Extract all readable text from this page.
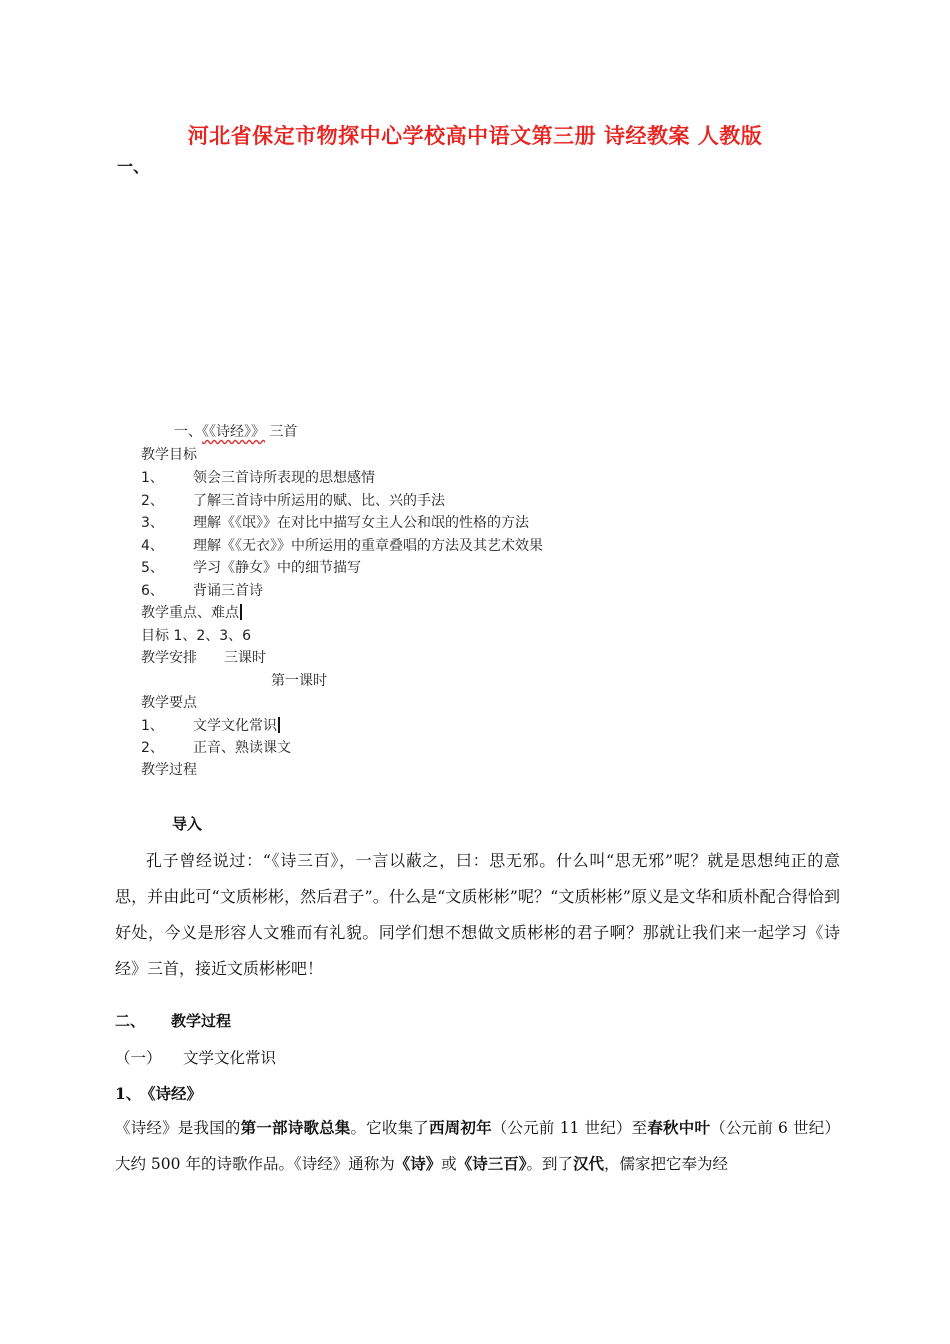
河北省保定市物探中心学校高中语文第三册 诗经教案 人教版
一、
一、《《诗经》》 三首
教学目标
1、 领会三首诗所表现的思想感情
2、 了解三首诗中所运用的赋、比、兴的手法
3、 理解《《氓》》在对比中描写女主人公和氓的性格的方法
4、 理解《《无衣》》中所运用的重章叠唱的方法及其艺术效果
5、 学习《静女》中的细节描写
6、 背诵三首诗
教学重点、难点
目标 1、2、3、6
教学安排 三课时
第一课时
教学要点
1、 文学文化常识
2、 正音、熟读课文
教学过程
导入
孔子曾经说过：“《诗三百》，一言以蔽之，曰：思无邪。什么叫“思无邪”呢？就是思想纯正的意思，并由此可“文质彬彬，然后君子”。什么是“文质彬彬”呢？“文质彬彬”原义是文华和质朴配合得恰到好处，今义是形容人文雅而有礼貌。同学们想不想做文质彬彬的君子啊？那就让我们来一起学习《诗经》三首，接近文质彬彬吧！
二、 教学过程
（一） 文学文化常识
1、
《诗经》
《诗经》是我国的第一部诗歌总集。它收集了西周初年（公元前 11 世纪）至春秋中叶（公元前 6 世纪）大约 500 年的诗歌作品。《诗经》通称为《诗》或《诗三百》。到了汉代，儒家把它奉为经
